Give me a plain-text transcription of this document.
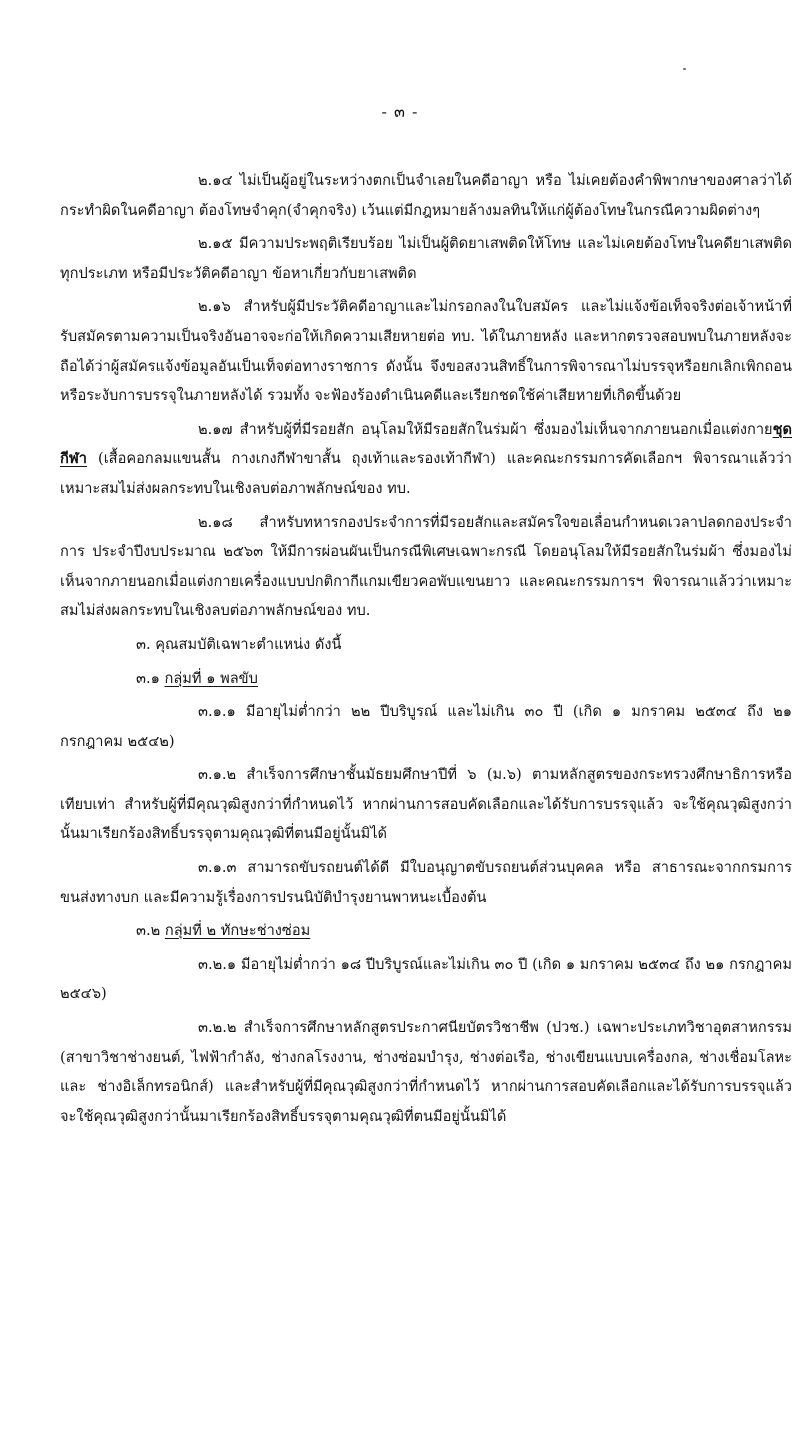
- ๓ -

๒.๑๔ ไม่เป็นผู้อยู่ในระหว่างตกเป็นจำเลยในคดีอาญา หรือ ไม่เคยต้องคำพิพากษาของศาลว่าได้กระทำผิดในคดีอาญา ต้องโทษจำคุก(จำคุกจริง) เว้นแต่มีกฎหมายล้างมลทินให้แก่ผู้ต้องโทษในกรณีความผิดต่างๆ

๒.๑๕ มีความประพฤติเรียบร้อย ไม่เป็นผู้ติดยาเสพติดให้โทษ และไม่เคยต้องโทษในคดียาเสพติดทุกประเภท หรือมีประวัติคดีอาญา ข้อหาเกี่ยวกับยาเสพติด

๒.๑๖ สำหรับผู้มีประวัติคดีอาญาและไม่กรอกลงในใบสมัคร และไม่แจ้งข้อเท็จจริงต่อเจ้าหน้าที่รับสมัครตามความเป็นจริงอันอาจจะก่อให้เกิดความเสียหายต่อ ทบ. ได้ในภายหลัง และหากตรวจสอบพบในภายหลังจะถือได้ว่าผู้สมัครแจ้งข้อมูลอันเป็นเท็จต่อทางราชการ ดังนั้น จึงขอสงวนสิทธิ์ในการพิจารณาไม่บรรจุหรือยกเลิกเพิกถอนหรือระงับการบรรจุในภายหลังได้ รวมทั้ง จะฟ้องร้องดำเนินคดีและเรียกชดใช้ค่าเสียหายที่เกิดขึ้นด้วย

๒.๑๗ สำหรับผู้ที่มีรอยสัก อนุโลมให้มีรอยสักในร่มผ้า ซึ่งมองไม่เห็นจากภายนอกเมื่อแต่งกายชุดกีฬา (เสื้อคอกลมแขนสั้น กางเกงกีฬาขาสั้น ถุงเท้าและรองเท้ากีฬา) และคณะกรรมการคัดเลือกฯ พิจารณาแล้วว่าเหมาะสมไม่ส่งผลกระทบในเชิงลบต่อภาพลักษณ์ของ ทบ.

๒.๑๘ สำหรับทหารกองประจำการที่มีรอยสักและสมัครใจขอเลื่อนกำหนดเวลาปลดกองประจำการ ประจำปีงบประมาณ ๒๕๖๓ ให้มีการผ่อนผันเป็นกรณีพิเศษเฉพาะกรณี โดยอนุโลมให้มีรอยสักในร่มผ้า ซึ่งมองไม่เห็นจากภายนอกเมื่อแต่งกายเครื่องแบบปกติกากีแกมเขียวคอพับแขนยาว และคณะกรรมการฯ พิจารณาแล้วว่าเหมาะสมไม่ส่งผลกระทบในเชิงลบต่อภาพลักษณ์ของ ทบ.

๓. คุณสมบัติเฉพาะตำแหน่ง ดังนี้

๓.๑ กลุ่มที่ ๑ พลขับ

๓.๑.๑ มีอายุไม่ต่ำกว่า ๒๒ ปีบริบูรณ์ และไม่เกิน ๓๐ ปี (เกิด ๑ มกราคม ๒๕๓๔ ถึง ๒๑ กรกฎาคม ๒๕๔๒)

๓.๑.๒ สำเร็จการศึกษาชั้นมัธยมศึกษาปีที่ ๖ (ม.๖) ตามหลักสูตรของกระทรวงศึกษาธิการหรือเทียบเท่า สำหรับผู้ที่มีคุณวุฒิสูงกว่าที่กำหนดไว้ หากผ่านการสอบคัดเลือกและได้รับการบรรจุแล้ว จะใช้คุณวุฒิสูงกว่านั้นมาเรียกร้องสิทธิ์บรรจุตามคุณวุฒิที่ตนมีอยู่นั้นมิได้

๓.๑.๓ สามารถขับรถยนต์ได้ดี มีใบอนุญาตขับรถยนต์ส่วนบุคคล หรือ สาธารณะจากกรมการขนส่งทางบก และมีความรู้เรื่องการปรนนิบัติบำรุงยานพาหนะเบื้องต้น

๓.๒ กลุ่มที่ ๒ ทักษะช่างซ่อม

๓.๒.๑ มีอายุไม่ต่ำกว่า ๑๘ ปีบริบูรณ์และไม่เกิน ๓๐ ปี (เกิด ๑ มกราคม ๒๕๓๔ ถึง ๒๑ กรกฎาคม ๒๕๔๖)

๓.๒.๒ สำเร็จการศึกษาหลักสูตรประกาศนียบัตรวิชาชีพ (ปวช.) เฉพาะประเภทวิชาอุตสาหกรรม (สาขาวิชาช่างยนต์, ไฟฟ้ากำลัง, ช่างกลโรงงาน, ช่างซ่อมบำรุง, ช่างต่อเรือ, ช่างเขียนแบบเครื่องกล, ช่างเชื่อมโลหะ และ ช่างอิเล็กทรอนิกส์) และสำหรับผู้ที่มีคุณวุฒิสูงกว่าที่กำหนดไว้ หากผ่านการสอบคัดเลือกและได้รับการบรรจุแล้ว จะใช้คุณวุฒิสูงกว่านั้นมาเรียกร้องสิทธิ์บรรจุตามคุณวุฒิที่ตนมีอยู่นั้นมิได้
